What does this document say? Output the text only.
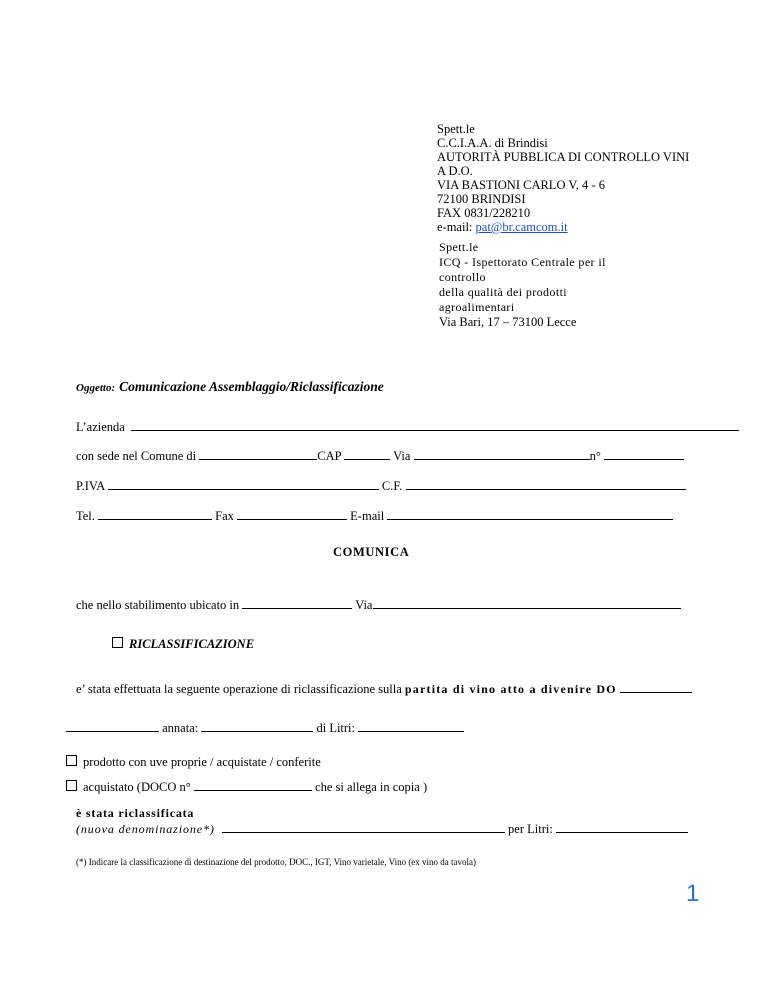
Spett.le
C.C.I.A.A. di Brindisi
AUTORITÀ PUBBLICA DI CONTROLLO VINI
A D.O.
VIA BASTIONI CARLO V, 4 - 6
72100 BRINDISI
FAX 0831/228210
e-mail: pat@br.camcom.it
Spett.le
ICQ - Ispettorato Centrale per il
controllo
della qualità dei prodotti
agroalimentari
Via Bari, 17 – 73100 Lecce
Oggetto: Comunicazione Assemblaggio/Riclassificazione
L’azienda
con sede nel Comune di	CAP	Via	n°
P.IVA	C.F.
Tel.	Fax	E-mail
COMUNICA
che nello stabilimento ubicato in	Via
RICLASSIFICAZIONE
e’ stata effettuata la seguente operazione di riclassificazione sulla partita di vino atto a divenire DO
annata:	di Litri:
prodotto con uve proprie / acquistate / conferite
acquistato (DOCO n°	che si allega in copia )
è stata riclassificata
(nuova denominazione*)	per Litri:
(*) Indicare la classificazione di destinazione del prodotto, DOC., IGT, Vino varietale, Vino (ex vino da tavola)
1
